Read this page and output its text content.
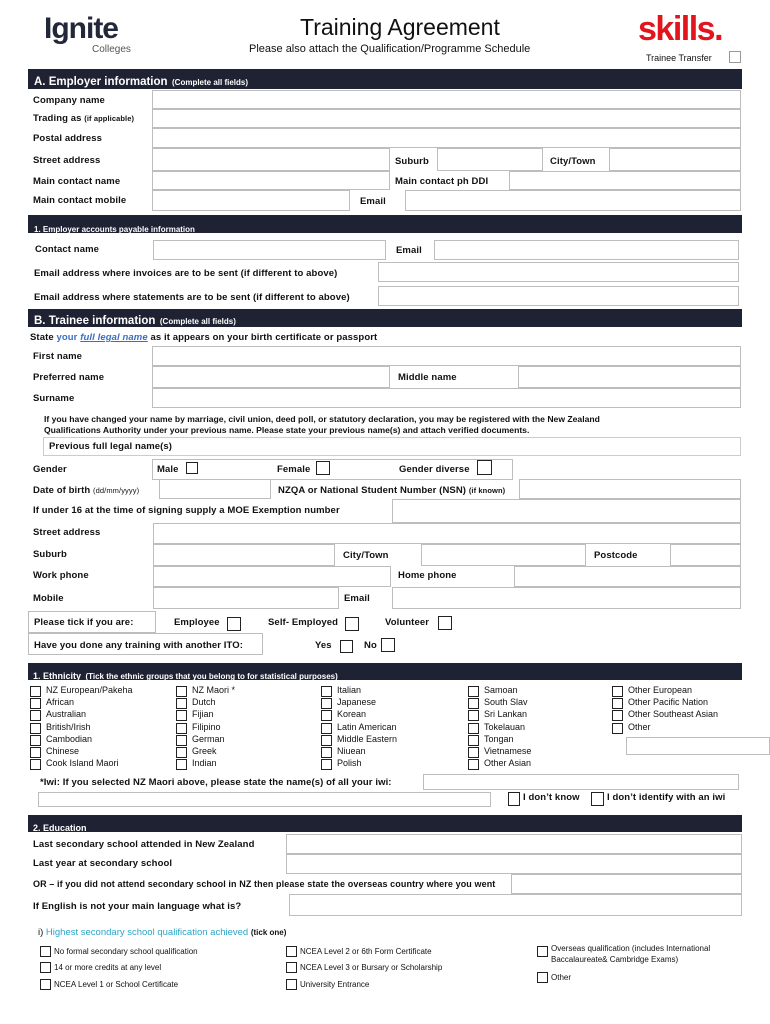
Ignite
Colleges
Training Agreement
Please also attach the Qualification/Programme Schedule
skills.
Trainee Transfer
A. Employer information (Complete all fields)
Company name
Trading as (if applicable)
Postal address
Street address	Suburb	City/Town
Main contact name	Main contact ph DDI
Main contact mobile	Email
1. Employer accounts payable information
Contact name	Email
Email address where invoices are to be sent (if different to above)
Email address where statements are to be sent (if different to above)
B. Trainee information (Complete all fields)
State your full legal name as it appears on your birth certificate or passport
First name
Preferred name	Middle name
Surname
If you have changed your name by marriage, civil union, deed poll, or statutory declaration, you may be registered with the New Zealand
Qualifications Authority under your previous name. Please state your previous name(s) and attach verified documents.
Previous full legal name(s)
Gender	Male	Female	Gender diverse
Date of birth (dd/mm/yyyy)	NZQA or National Student Number (NSN) (if known)
If under 16 at the time of signing supply a MOE Exemption number
Street address
Suburb	City/Town	Postcode
Work phone	Home phone
Mobile	Email
Please tick if you are:	Employee	Self- Employed	Volunteer
Have you done any training with another ITO:	Yes	No
1. Ethnicity (Tick the ethnic groups that you belong to for statistical purposes)
NZ European/Pakeha
African
Australian
British/Irish
Cambodian
Chinese
Cook Island Maori
NZ Maori *
Dutch
Fijian
Filipino
German
Greek
Indian
Italian
Japanese
Korean
Latin American
Middle Eastern
Niuean
Polish
Samoan
South Slav
Sri Lankan
Tokelauan
Tongan
Vietnamese
Other Asian
Other European
Other Pacific Nation
Other Southeast Asian
Other
*Iwi: If you selected NZ Maori above, please state the name(s) of all your iwi:
I don’t know	I don’t identify with an iwi
2. Education
Last secondary school attended in New Zealand
Last year at secondary school
OR – if you did not attend secondary school in NZ then please state the overseas country where you went
If English is not your main language what is?
i) Highest secondary school qualification achieved (tick one)
No formal secondary school qualification
14 or more credits at any level
NCEA Level 1 or School Certificate
NCEA Level 2 or 6th Form Certificate
NCEA Level 3 or Bursary or Scholarship
University Entrance
Overseas qualification (includes International
Baccalaureate& Cambridge Exams)
Other
